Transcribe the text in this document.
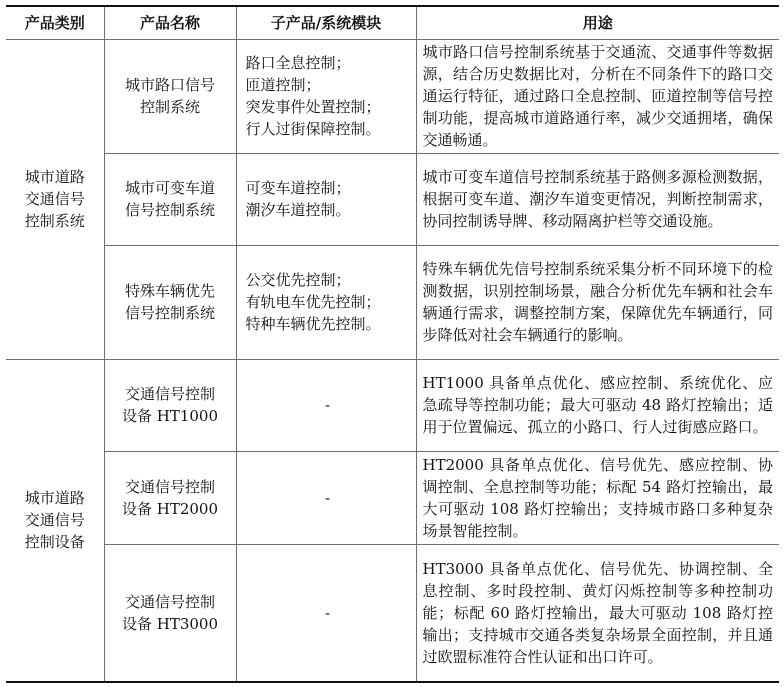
产品类别	产品名称	子产品/系统模块	用途
城市道路 交通信号 控制系统	城市路口信号 控制系统	路口全息控制；
匝道控制；
突发事件处置控制；
行人过街保障控制。	城市路口信号控制系统基于交通流、交通事件等数据源，结合历史数据比对，分析在不同条件下的路口交通运行特征，通过路口全息控制、匝道控制等信号控制功能，提高城市道路通行率，减少交通拥堵，确保交通畅通。
	城市可变车道 信号控制系统	可变车道控制；
潮汐车道控制。	城市可变车道信号控制系统基于路侧多源检测数据，根据可变车道、潮汐车道变更情况，判断控制需求，协同控制诱导牌、移动隔离护栏等交通设施。
	特殊车辆优先 信号控制系统	公交优先控制；
有轨电车优先控制；
特种车辆优先控制。	特殊车辆优先信号控制系统采集分析不同环境下的检测数据，识别控制场景，融合分析优先车辆和社会车辆通行需求，调整控制方案，保障优先车辆通行，同步降低对社会车辆通行的影响。
城市道路 交通信号 控制设备	交通信号控制 设备 HT1000	-	HT1000 具备单点优化、感应控制、系统优化、应急疏导等控制功能；最大可驱动 48 路灯控输出；适用于位置偏远、孤立的小路口、行人过街感应路口。
	交通信号控制 设备 HT2000	-	HT2000 具备单点优化、信号优先、感应控制、协调控制、全息控制等功能；标配 54 路灯控输出，最大可驱动 108 路灯控输出；支持城市路口多种复杂场景智能控制。
	交通信号控制 设备 HT3000	-	HT3000 具备单点优化、信号优先、协调控制、全息控制、多时段控制、黄灯闪烁控制等多种控制功能；标配 60 路灯控输出，最大可驱动 108 路灯控输出；支持城市交通各类复杂场景全面控制，并且通过欧盟标准符合性认证和出口许可。
